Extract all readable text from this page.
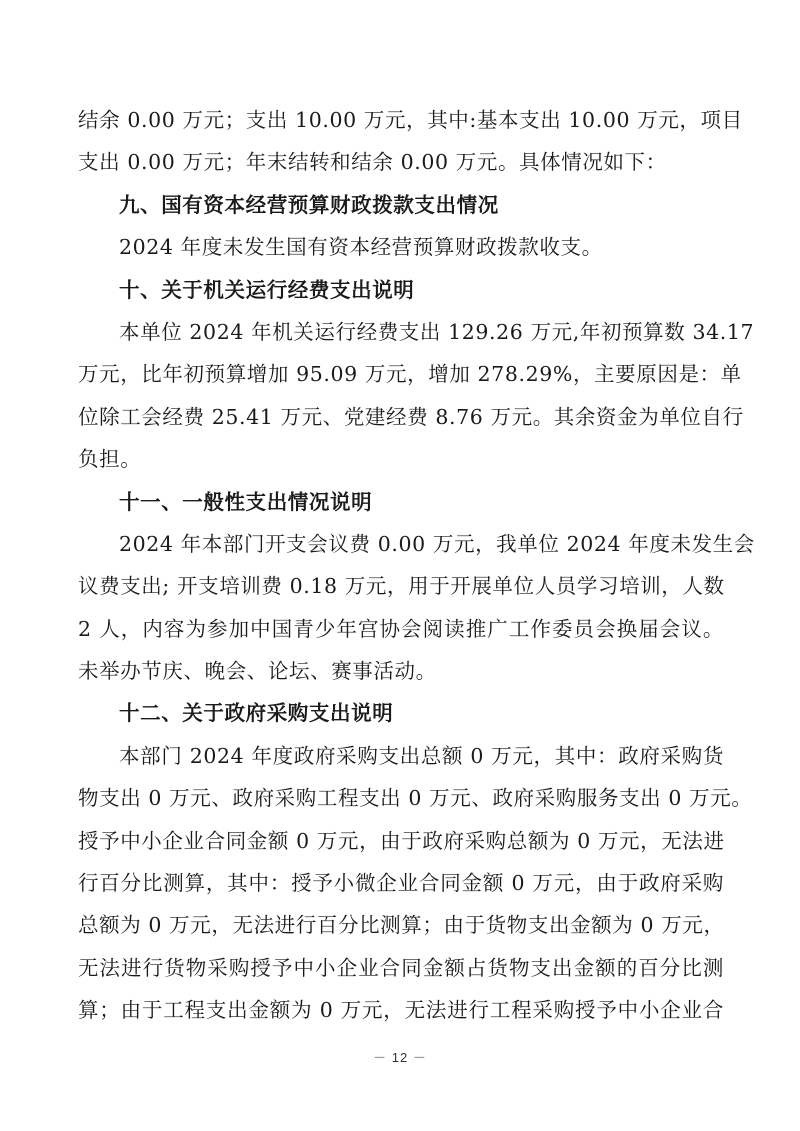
结余 0.00 万元；支出 10.00 万元，其中:基本支出 10.00 万元，项目
支出 0.00 万元；年末结转和结余 0.00 万元。具体情况如下：
九、国有资本经营预算财政拨款支出情况
2024 年度未发生国有资本经营预算财政拨款收支。
十、关于机关运行经费支出说明
本单位 2024 年机关运行经费支出 129.26 万元,年初预算数 34.17
万元，比年初预算增加 95.09 万元，增加 278.29%，主要原因是：单
位除工会经费 25.41 万元、党建经费 8.76 万元。其余资金为单位自行
负担。
十一、一般性支出情况说明
2024 年本部门开支会议费 0.00 万元，我单位 2024 年度未发生会
议费支出; 开支培训费 0.18 万元，用于开展单位人员学习培训，人数
2 人，内容为参加中国青少年宫协会阅读推广工作委员会换届会议。
未举办节庆、晚会、论坛、赛事活动。
十二、关于政府采购支出说明
本部门 2024 年度政府采购支出总额 0 万元，其中：政府采购货
物支出 0 万元、政府采购工程支出 0 万元、政府采购服务支出 0 万元。
授予中小企业合同金额 0 万元，由于政府采购总额为 0 万元，无法进
行百分比测算，其中：授予小微企业合同金额 0 万元，由于政府采购
总额为 0 万元，无法进行百分比测算；由于货物支出金额为 0 万元，
无法进行货物采购授予中小企业合同金额占货物支出金额的百分比测
算；由于工程支出金额为 0 万元，无法进行工程采购授予中小企业合
－ 12 －
